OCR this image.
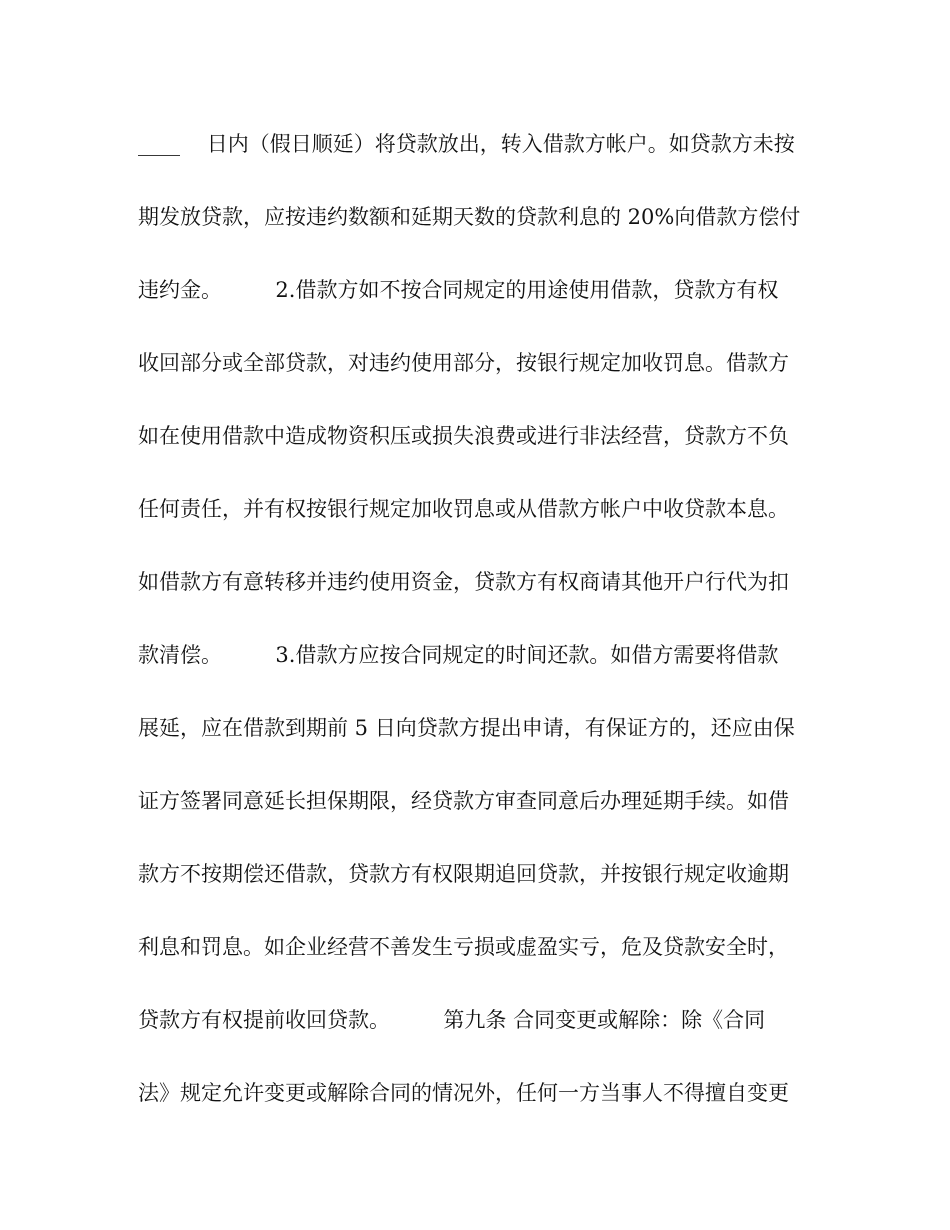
____    日内（假日顺延）将贷款放出，转入借款方帐户。如贷款方未按
期发放贷款，应按违约数额和延期天数的贷款利息的 20%向借款方偿付
违约金。        2.借款方如不按合同规定的用途使用借款，贷款方有权
收回部分或全部贷款，对违约使用部分，按银行规定加收罚息。借款方
如在使用借款中造成物资积压或损失浪费或进行非法经营，贷款方不负
任何责任，并有权按银行规定加收罚息或从借款方帐户中收贷款本息。
如借款方有意转移并违约使用资金，贷款方有权商请其他开户行代为扣
款清偿。        3.借款方应按合同规定的时间还款。如借方需要将借款
展延，应在借款到期前 5 日向贷款方提出申请，有保证方的，还应由保
证方签署同意延长担保期限，经贷款方审查同意后办理延期手续。如借
款方不按期偿还借款，贷款方有权限期追回贷款，并按银行规定收逾期
利息和罚息。如企业经营不善发生亏损或虚盈实亏，危及贷款安全时，
贷款方有权提前收回贷款。        第九条 合同变更或解除：除《合同
法》规定允许变更或解除合同的情况外，任何一方当事人不得擅自变更
